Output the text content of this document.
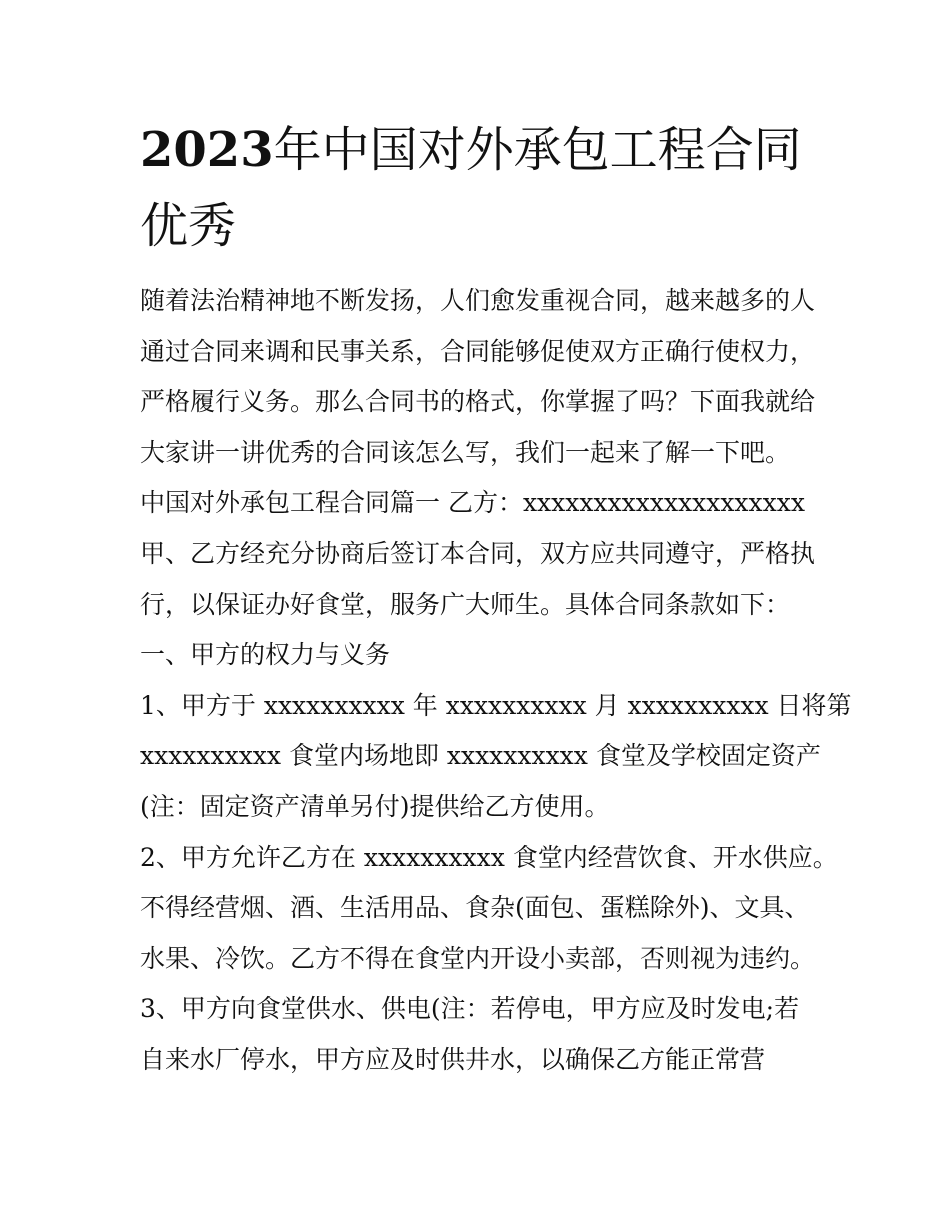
2023年中国对外承包工程合同
优秀
随着法治精神地不断发扬，人们愈发重视合同，越来越多的人
通过合同来调和民事关系，合同能够促使双方正确行使权力，
严格履行义务。那么合同书的格式，你掌握了吗？下面我就给
大家讲一讲优秀的合同该怎么写，我们一起来了解一下吧。
中国对外承包工程合同篇一 乙方：xxxxxxxxxxxxxxxxxxxx
甲、乙方经充分协商后签订本合同，双方应共同遵守，严格执
行，以保证办好食堂，服务广大师生。具体合同条款如下：
一、甲方的权力与义务
1、甲方于 xxxxxxxxxx 年 xxxxxxxxxx 月 xxxxxxxxxx 日将第
xxxxxxxxxx 食堂内场地即 xxxxxxxxxx 食堂及学校固定资产
(注：固定资产清单另付)提供给乙方使用。
2、甲方允许乙方在 xxxxxxxxxx 食堂内经营饮食、开水供应。
不得经营烟、酒、生活用品、食杂(面包、蛋糕除外)、文具、
水果、冷饮。乙方不得在食堂内开设小卖部，否则视为违约。
3、甲方向食堂供水、供电(注：若停电，甲方应及时发电;若
自来水厂停水，甲方应及时供井水，以确保乙方能正常营
